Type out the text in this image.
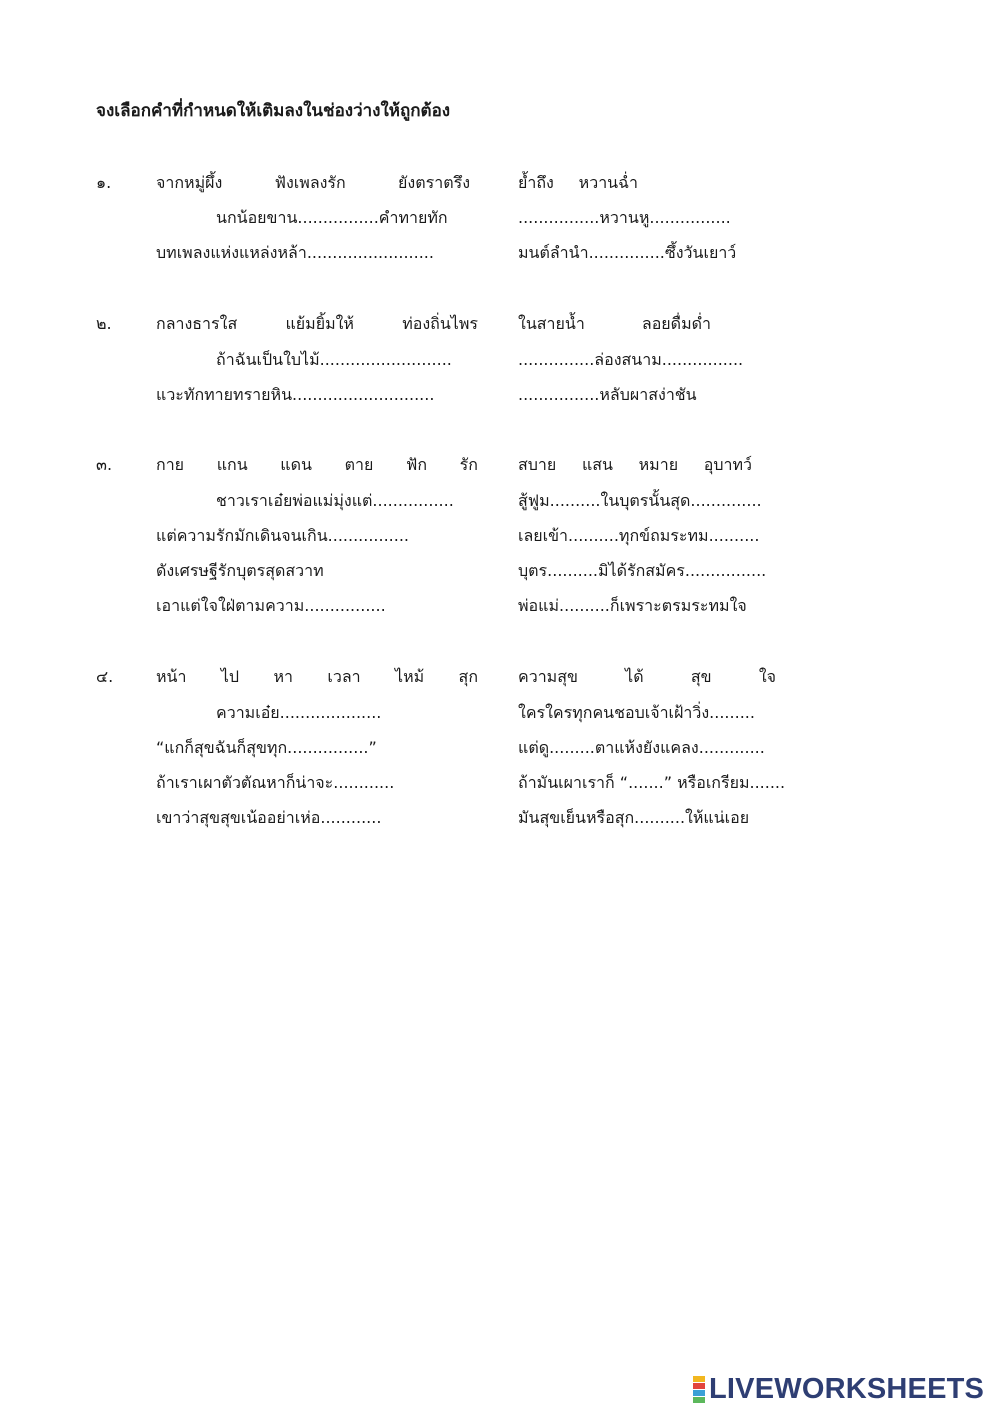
จงเลือกคำที่กำหนดให้เติมลงในช่องว่างให้ถูกต้อง
๑.	จากหมู่ผึ้ง	ฟังเพลงรัก	ยังตราตรึง	ย้ำถึง หวานฉ่ำ
นกน้อยขาน................คำทายทัก	................หวานหู................
บทเพลงแห่งแหล่งหล้า.........................	มนต์ลำนำ...............ซึ้งวันเยาว์
๒.	กลางธารใส	แย้มยิ้มให้	ท่องถิ่นไพร	ในสายน้ำ	ลอยดื่มด่ำ
ถ้าฉันเป็นใบไม้..........................	...............ล่องสนาม................
แวะทักทายทรายหิน............................	................หลับผาสง่าชัน
๓.	กาย แกน แดน ตาย ฟัก รัก	สบาย แสน หมาย อุบาทว์
ชาวเราเอ๋ยพ่อแม่มุ่งแต่................	สู้ฟูม..........ในบุตรนั้นสุด..............
แต่ความรักมักเดินจนเกิน................	เลยเข้า..........ทุกข์ถมระทม..........
ดังเศรษฐีรักบุตรสุดสวาท	บุตร..........มิได้รักสมัคร................
เอาแต่ใจใฝ่ตามความ................	พ่อแม่..........ก็เพราะตรมระทมใจ
๔.	หน้า ไป หา เวลา ไหม้ สุก	ความสุข	ได้	สุข	ใจ
ความเอ๋ย....................	ใครใครทุกคนชอบเจ้าเฝ้าวิ่ง.........
“แกก็สุขฉันก็สุขทุก................”	แต่ดู.........ตาแห้งยังแคลง.............
ถ้าเราเผาตัวตัณหาก็น่าจะ............	ถ้ามันเผาเราก็ “.......” หรือเกรียม.......
เขาว่าสุขสุขเน้ออย่าเห่อ............	มันสุขเย็นหรือสุก..........ให้แน่เอย
LIVEWORKSHEETS
